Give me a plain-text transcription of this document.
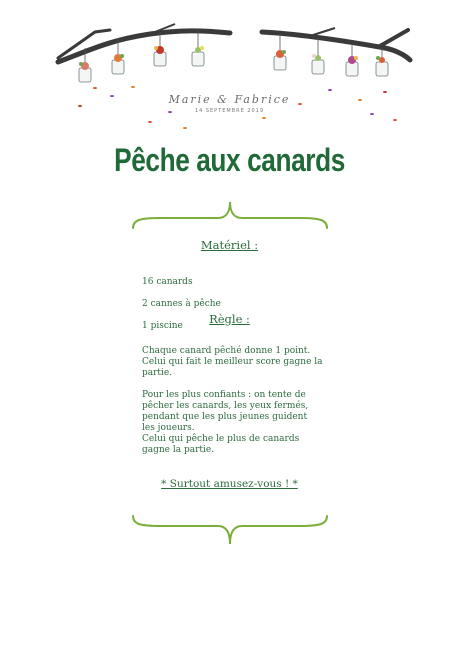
Marie & Fabrice
14 SEPTEMBRE 2019
Pêche aux canards
Matériel :

16 canards

2 cannes à pêche

1 piscine	Règle :
Chaque canard pêché donne 1 point.
Celui qui fait le meilleur score gagne la
partie.
Pour les plus confiants : on tente de
pêcher les canards, les yeux fermés,
pendant que les plus jeunes guident
les joueurs.
Celui qui pêche le plus de canards
gagne la partie.
* Surtout amusez-vous ! *
